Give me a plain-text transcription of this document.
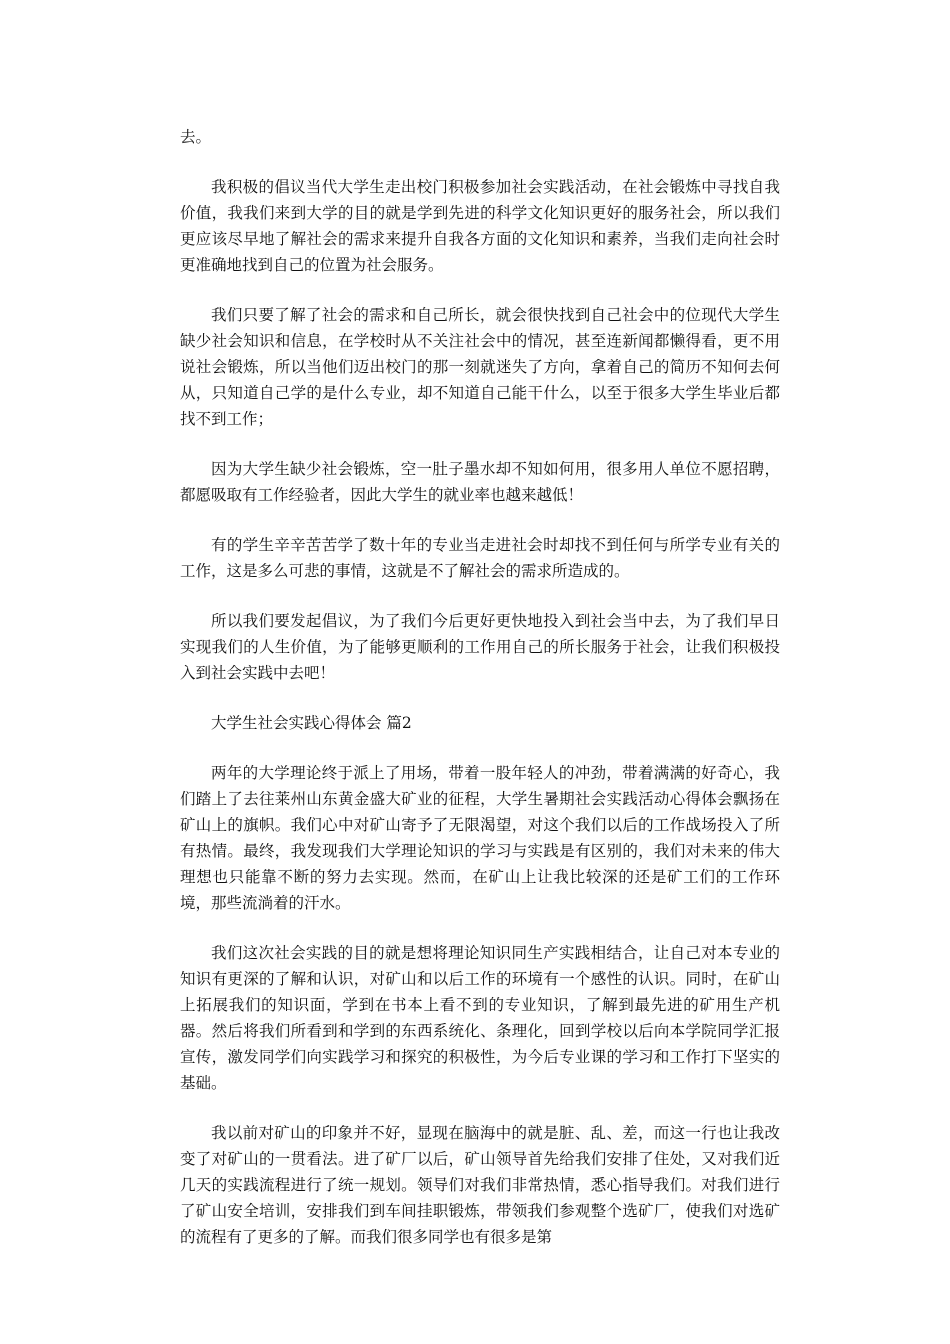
去。

我积极的倡议当代大学生走出校门积极参加社会实践活动，在社会锻炼中寻找自我价值，我我们来到大学的目的就是学到先进的科学文化知识更好的服务社会，所以我们更应该尽早地了解社会的需求来提升自我各方面的文化知识和素养，当我们走向社会时更准确地找到自己的位置为社会服务。

我们只要了解了社会的需求和自己所长，就会很快找到自己社会中的位现代大学生缺少社会知识和信息，在学校时从不关注社会中的情况，甚至连新闻都懒得看，更不用说社会锻炼，所以当他们迈出校门的那一刻就迷失了方向，拿着自己的简历不知何去何从，只知道自己学的是什么专业，却不知道自己能干什么，以至于很多大学生毕业后都找不到工作；

因为大学生缺少社会锻炼，空一肚子墨水却不知如何用，很多用人单位不愿招聘，都愿吸取有工作经验者，因此大学生的就业率也越来越低！

有的学生辛辛苦苦学了数十年的专业当走进社会时却找不到任何与所学专业有关的工作，这是多么可悲的事情，这就是不了解社会的需求所造成的。

所以我们要发起倡议，为了我们今后更好更快地投入到社会当中去，为了我们早日实现我们的人生价值，为了能够更顺利的工作用自己的所长服务于社会，让我们积极投入到社会实践中去吧！

大学生社会实践心得体会 篇2

两年的大学理论终于派上了用场，带着一股年轻人的冲劲，带着满满的好奇心，我们踏上了去往莱州山东黄金盛大矿业的征程，大学生暑期社会实践活动心得体会飘扬在矿山上的旗帜。我们心中对矿山寄予了无限渴望，对这个我们以后的工作战场投入了所有热情。最终，我发现我们大学理论知识的学习与实践是有区别的，我们对未来的伟大理想也只能靠不断的努力去实现。然而，在矿山上让我比较深的还是矿工们的工作环境，那些流淌着的汗水。

我们这次社会实践的目的就是想将理论知识同生产实践相结合，让自己对本专业的知识有更深的了解和认识，对矿山和以后工作的环境有一个感性的认识。同时，在矿山上拓展我们的知识面，学到在书本上看不到的专业知识，了解到最先进的矿用生产机器。然后将我们所看到和学到的东西系统化、条理化，回到学校以后向本学院同学汇报宣传，激发同学们向实践学习和探究的积极性，为今后专业课的学习和工作打下坚实的基础。

我以前对矿山的印象并不好，显现在脑海中的就是脏、乱、差，而这一行也让我改变了对矿山的一贯看法。进了矿厂以后，矿山领导首先给我们安排了住处，又对我们近几天的实践流程进行了统一规划。领导们对我们非常热情，悉心指导我们。对我们进行了矿山安全培训，安排我们到车间挂职锻炼，带领我们参观整个选矿厂，使我们对选矿的流程有了更多的了解。而我们很多同学也有很多是第
